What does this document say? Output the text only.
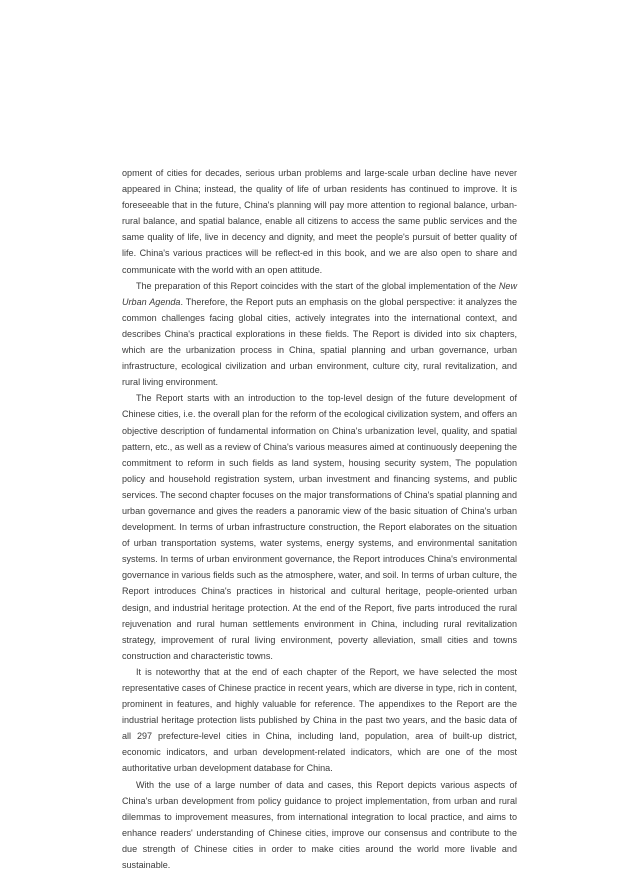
opment of cities for decades, serious urban problems and large-scale urban decline have never appeared in China; instead, the quality of life of urban residents has continued to improve. It is foreseeable that in the future, China's planning will pay more attention to regional balance, urban-rural balance, and spatial balance, enable all citizens to access the same public services and the same quality of life, live in decency and dignity, and meet the people's pursuit of better quality of life. China's various practices will be reflect-ed in this book, and we are also open to share and communicate with the world with an open attitude.

The preparation of this Report coincides with the start of the global implementation of the New Urban Agenda. Therefore, the Report puts an emphasis on the global perspective: it analyzes the common challenges facing global cities, actively integrates into the international context, and describes China's practical explorations in these fields. The Report is divided into six chapters, which are the urbanization process in China, spatial planning and urban governance, urban infrastructure, ecological civilization and urban environment, culture city, rural revitalization, and rural living environment.

The Report starts with an introduction to the top-level design of the future development of Chinese cities, i.e. the overall plan for the reform of the ecological civilization system, and offers an objective description of fundamental information on China's urbanization level, quality, and spatial pattern, etc., as well as a review of China's various measures aimed at continuously deepening the commitment to reform in such fields as land system, housing security system, The population policy and household registration system, urban investment and financing systems, and public services. The second chapter focuses on the major transformations of China's spatial planning and urban governance and gives the readers a panoramic view of the basic situation of China's urban development. In terms of urban infrastructure construction, the Report elaborates on the situation of urban transportation systems, water systems, energy systems, and environmental sanitation systems. In terms of urban environment governance, the Report introduces China's environmental governance in various fields such as the atmosphere, water, and soil. In terms of urban culture, the Report introduces China's practices in historical and cultural heritage, people-oriented urban design, and industrial heritage protection. At the end of the Report, five parts introduced the rural rejuvenation and rural human settlements environment in China, including rural revitalization strategy, improvement of rural living environment, poverty alleviation, small cities and towns construction and characteristic towns.

It is noteworthy that at the end of each chapter of the Report, we have selected the most representative cases of Chinese practice in recent years, which are diverse in type, rich in content, prominent in features, and highly valuable for reference. The appendixes to the Report are the industrial heritage protection lists published by China in the past two years, and the basic data of all 297 prefecture-level cities in China, including land, population, area of built-up district, economic indicators, and urban development-related indicators, which are one of the most authoritative urban development database for China.

With the use of a large number of data and cases, this Report depicts various aspects of China's urban development from policy guidance to project implementation, from urban and rural dilemmas to improvement measures, from international integration to local practice, and aims to enhance readers' understanding of Chinese cities, improve our consensus and contribute to the due strength of Chinese cities in order to make cities around the world more livable and sustainable.
